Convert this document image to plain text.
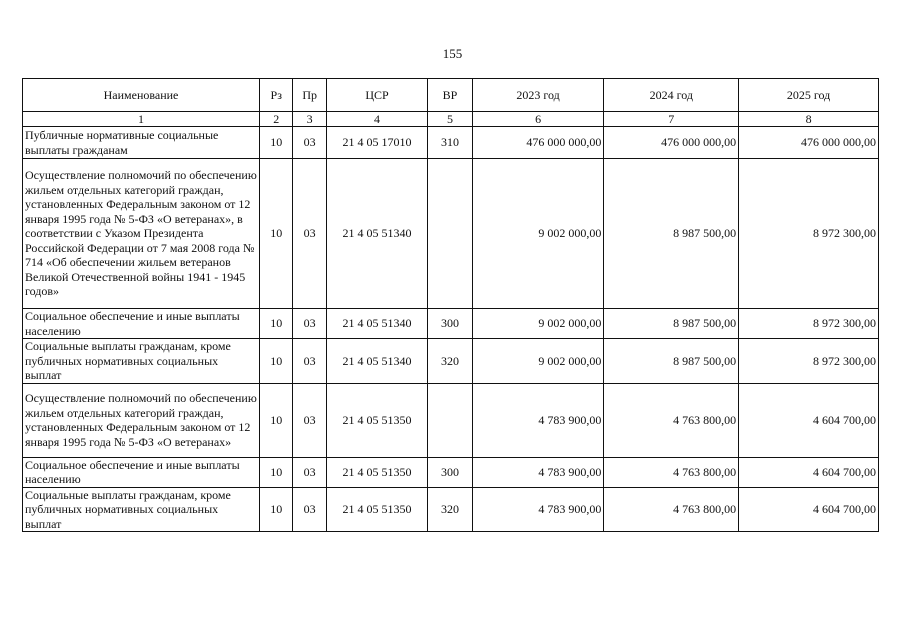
155
Наименование	Рз	Пр	ЦСР	ВР	2023 год	2024 год	2025 год
1	2	3	4	5	6	7	8
Публичные нормативные социальные выплаты гражданам	10	03	21 4 05 17010	310	476 000 000,00	476 000 000,00	476 000 000,00
Осуществление полномочий по обеспечению жильем отдельных категорий граждан, установленных Федеральным законом от 12 января 1995 года № 5-ФЗ «О ветеранах», в соответствии с Указом Президента Российской Федерации от 7 мая 2008 года № 714 «Об обеспечении жильем ветеранов Великой Отечественной войны 1941 - 1945 годов»	10	03	21 4 05 51340		9 002 000,00	8 987 500,00	8 972 300,00
Социальное обеспечение и иные выплаты населению	10	03	21 4 05 51340	300	9 002 000,00	8 987 500,00	8 972 300,00
Социальные выплаты гражданам, кроме публичных нормативных социальных выплат	10	03	21 4 05 51340	320	9 002 000,00	8 987 500,00	8 972 300,00
Осуществление полномочий по обеспечению жильем отдельных категорий граждан, установленных Федеральным законом от 12 января 1995 года № 5-ФЗ «О ветеранах»	10	03	21 4 05 51350		4 783 900,00	4 763 800,00	4 604 700,00
Социальное обеспечение и иные выплаты населению	10	03	21 4 05 51350	300	4 783 900,00	4 763 800,00	4 604 700,00
Социальные выплаты гражданам, кроме публичных нормативных социальных выплат	10	03	21 4 05 51350	320	4 783 900,00	4 763 800,00	4 604 700,00
